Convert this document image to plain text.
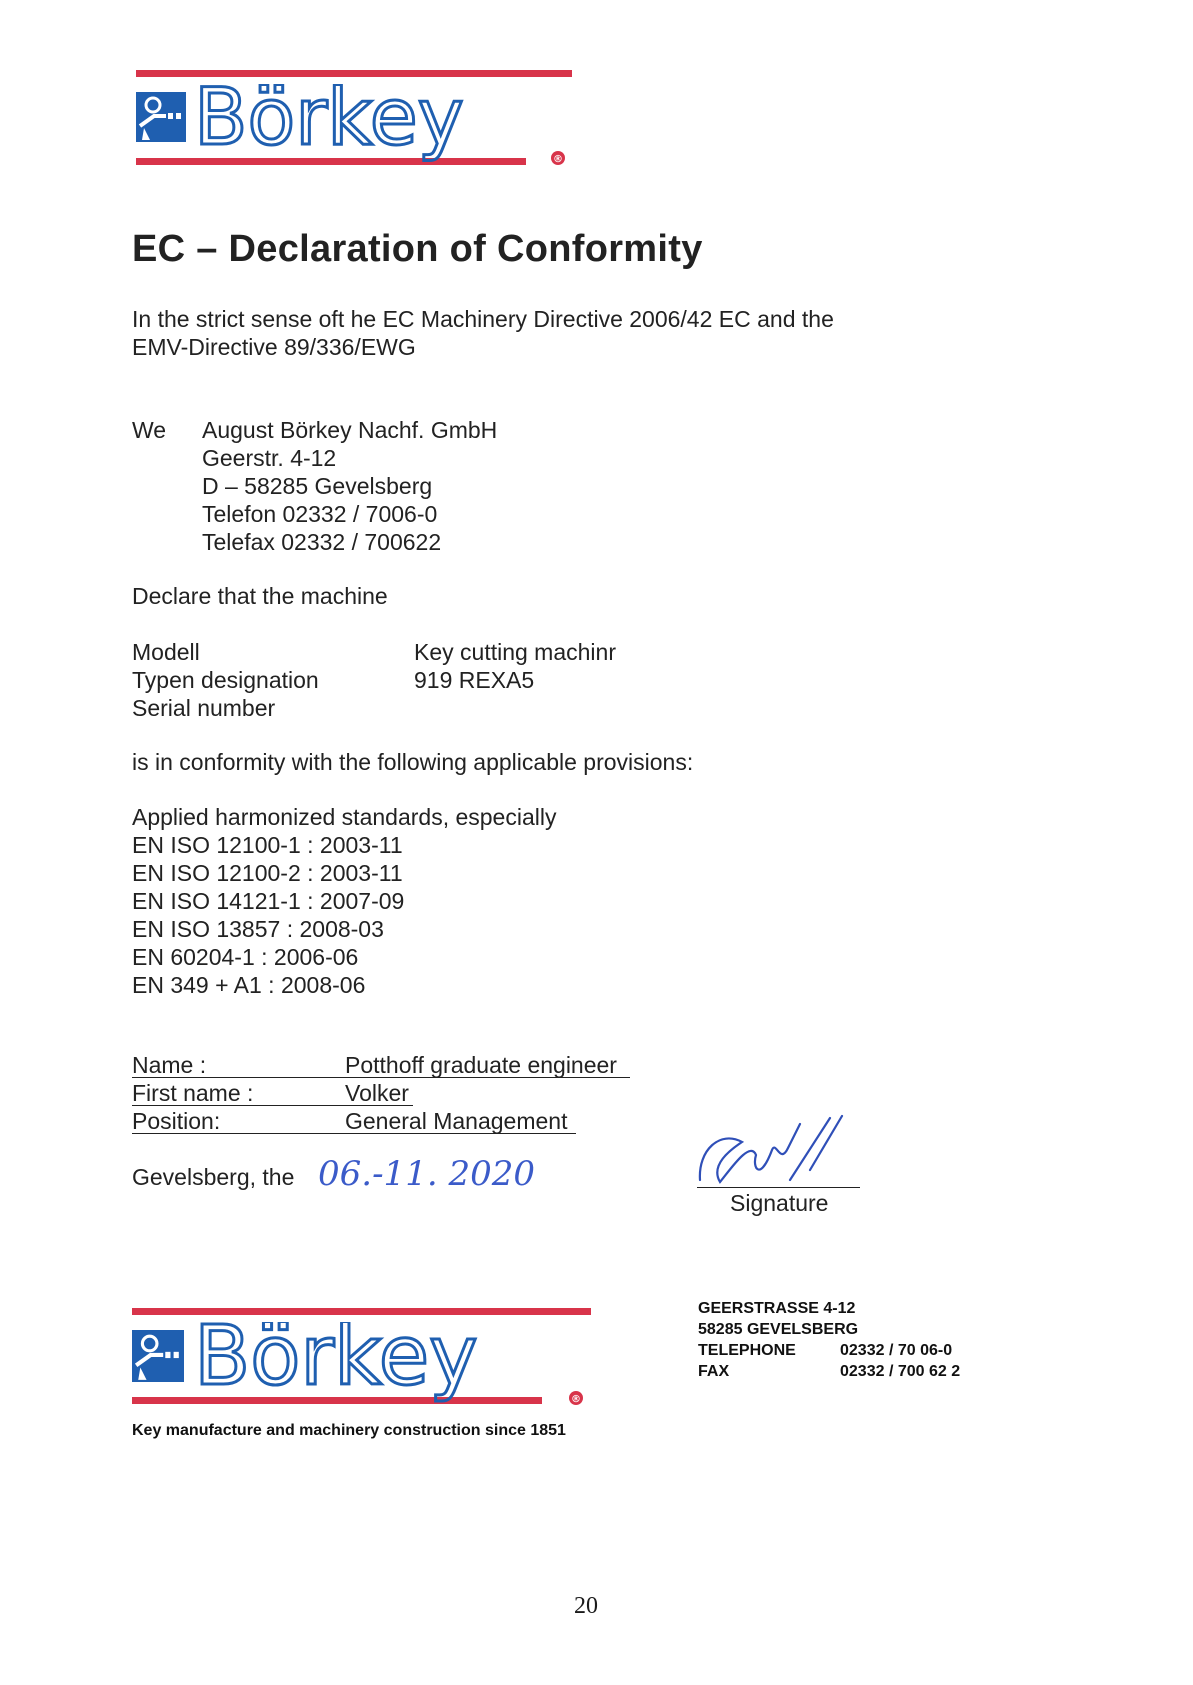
Börkey	®
EC – Declaration of Conformity
In the strict sense oft he EC Machinery Directive 2006/42 EC and the
EMV-Directive 89/336/EWG
We August Börkey Nachf. GmbH
Geerstr. 4-12
D – 58285 Gevelsberg
Telefon 02332 / 7006-0
Telefax 02332 / 700622
Declare that the machine
Modell	Key cutting machinr
Typen designation	919 REXA5
Serial number
is in conformity with the following applicable provisions:
Applied harmonized standards, especially
EN ISO 12100-1 : 2003-11
EN ISO 12100-2 : 2003-11
EN ISO 14121-1 : 2007-09
EN ISO 13857 : 2008-03
EN 60204-1 : 2006-06
EN 349 + A1 : 2008-06
Name :	Potthoff graduate engineer
First name :	Volker
Position:	General Management
Gevelsberg, the 06.-11. 2020
Signature
Börkey	®
Key manufacture and machinery construction since 1851
GEERSTRASSE 4-12
58285 GEVELSBERG
TELEPHONE	02332 / 70 06-0
FAX	02332 / 700 62 2
20
